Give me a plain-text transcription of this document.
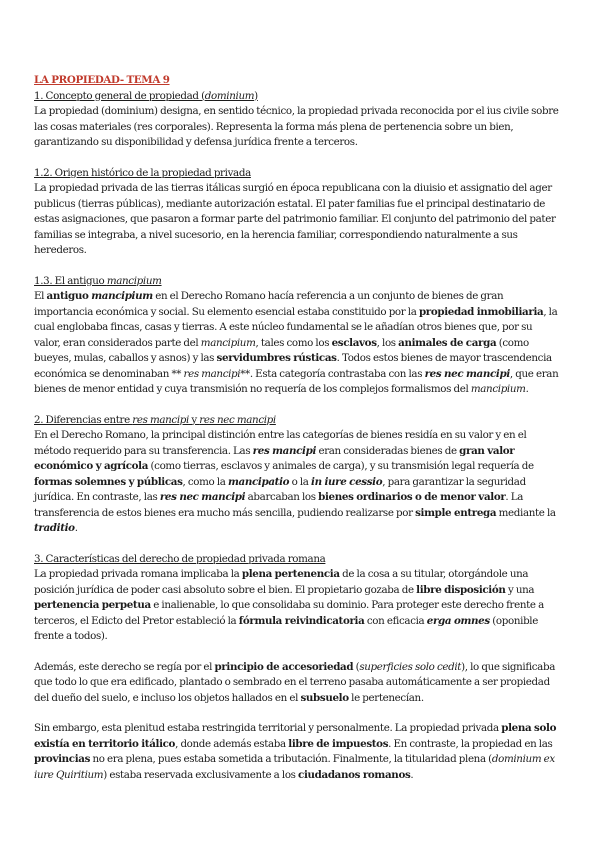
LA PROPIEDAD- TEMA 9
1. Concepto general de propiedad (dominium)

La propiedad (dominium) designa, en sentido técnico, la propiedad privada reconocida por el ius civile sobre las cosas materiales (res corporales). Representa la forma más plena de pertenencia sobre un bien, garantizando su disponibilidad y defensa jurídica frente a terceros.

1.2. Origen histórico de la propiedad privada

La propiedad privada de las tierras itálicas surgió en época republicana con la diuisio et assignatio del ager publicus (tierras públicas), mediante autorización estatal. El pater familias fue el principal destinatario de estas asignaciones, que pasaron a formar parte del patrimonio familiar. El conjunto del patrimonio del pater familias se integraba, a nivel sucesorio, en la herencia familiar, correspondiendo naturalmente a sus herederos.

1.3. El antiguo mancipium

El antiguo mancipium en el Derecho Romano hacía referencia a un conjunto de bienes de gran importancia económica y social. Su elemento esencial estaba constituido por la propiedad inmobiliaria, la cual englobaba fincas, casas y tierras. A este núcleo fundamental se le añadían otros bienes que, por su valor, eran considerados parte del mancipium, tales como los esclavos, los animales de carga (como bueyes, mulas, caballos y asnos) y las servidumbres rústicas. Todos estos bienes de mayor trascendencia económica se denominaban ** res mancipi**. Esta categoría contrastaba con las res nec mancipi, que eran bienes de menor entidad y cuya transmisión no requería de los complejos formalismos del mancipium.

2. Diferencias entre res mancipi y res nec mancipi

En el Derecho Romano, la principal distinción entre las categorías de bienes residía en su valor y en el método requerido para su transferencia. Las res mancipi eran consideradas bienes de gran valor económico y agrícola (como tierras, esclavos y animales de carga), y su transmisión legal requería de formas solemnes y públicas, como la mancipatio o la in iure cessio, para garantizar la seguridad jurídica. En contraste, las res nec mancipi abarcaban los bienes ordinarios o de menor valor. La transferencia de estos bienes era mucho más sencilla, pudiendo realizarse por simple entrega mediante la traditio.

3. Características del derecho de propiedad privada romana

La propiedad privada romana implicaba la plena pertenencia de la cosa a su titular, otorgándole una posición jurídica de poder casi absoluto sobre el bien. El propietario gozaba de libre disposición y una pertenencia perpetua e inalienable, lo que consolidaba su dominio. Para proteger este derecho frente a terceros, el Edicto del Pretor estableció la fórmula reivindicatoria con eficacia erga omnes (oponible frente a todos).

Además, este derecho se regía por el principio de accesoriedad (superficies solo cedit), lo que significaba que todo lo que era edificado, plantado o sembrado en el terreno pasaba automáticamente a ser propiedad del dueño del suelo, e incluso los objetos hallados en el subsuelo le pertenecían.

Sin embargo, esta plenitud estaba restringida territorial y personalmente. La propiedad privada plena solo existía en territorio itálico, donde además estaba libre de impuestos. En contraste, la propiedad en las provincias no era plena, pues estaba sometida a tributación. Finalmente, la titularidad plena (dominium ex iure Quiritium) estaba reservada exclusivamente a los ciudadanos romanos.
